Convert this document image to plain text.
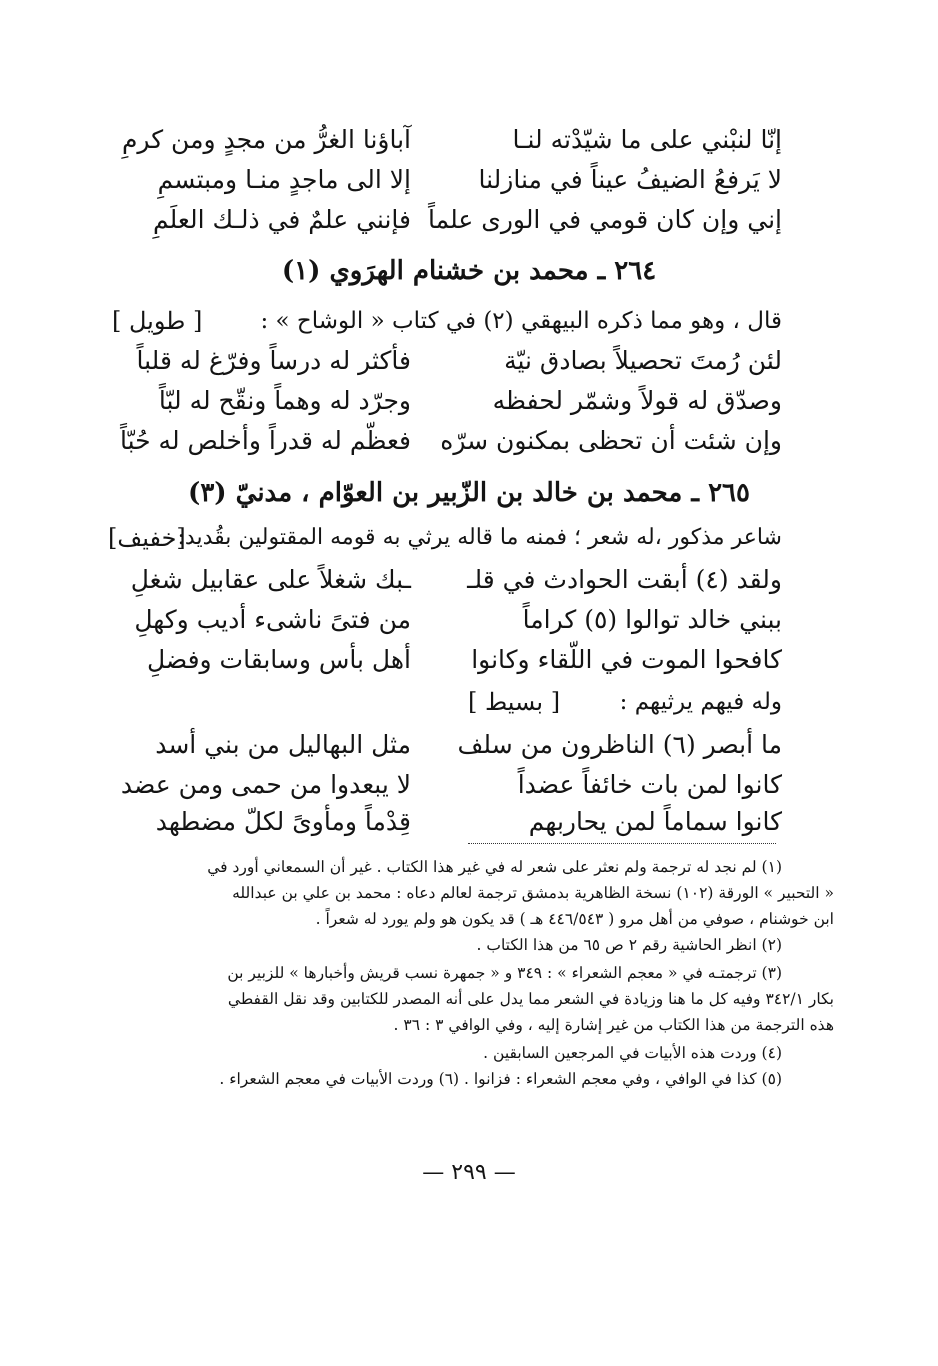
إنّا لنبْني على ما شيّدْته لنـا
آباؤنا الغرُّ من مجدٍ ومن كرمِ
لا يَرفعُ الضيفُ عيناً في منازلنا
إلا الى ماجدٍ منـا ومبتسمِ
إني وإن كان قومي في الورى علماً
فإنني علمٌ في ذلـك العلَمِ
٢٦٤ ـ محمد بن خشنام الهرَوي (١)
قال ، وهو مما ذكره البيهقي (٢) في كتاب « الوشاح » :
[ طويل ]
لئن رُمتَ تحصيلاً بصادق نيّة
فأكثر له درساً وفرّغ له قلباً
وصدّق له قولاً وشمّر لحفظه
وجرّد له وهماً ونقّح له لبّاً
وإن شئت أن تحظى بمكنون سرّه
فعظّم له قدراً وأخلص له حُبّاً
٢٦٥ ـ محمد بن خالد بن الزّبير بن العوّام ، مدنيّ (٣)
شاعر مذكور ،له شعر ؛ فمنه ما قاله يرثي به قومه المقتولين بقُديد:
[خفيف]
ولقد (٤) أبقت الحوادث في قلـ
ـبك شغلاً على عقابيل شغلِ
ببني خالد توالوا (٥) كراماً
من فتىً ناشىء أديب وكهلِ
كافحوا الموت في اللّقاء وكانوا
أهل بأس وسابقات وفضلِ
وله فيهم يرثيهم :
[ بسيط ]
ما أبصر (٦) الناظرون من سلف
مثل البهاليل من بني أسد
كانوا لمن بات خائفاً عضداً
لا يبعدوا من حمى ومن عضد
كانوا سماماً لمن يحاربهم
قِدْماً ومأوىً لكلّ مضطهد
(١) لم نجد له ترجمة ولم نعثر على شعر له في غير هذا الكتاب . غير أن السمعاني أورد في
« التحبير » الورقة (١٠٢) نسخة الظاهرية بدمشق ترجمة لعالم دعاه : محمد بن علي بن عبدالله
ابن خوشنام ، صوفي من أهل مرو ( ٤٤٦/٥٤٣ هـ ) قد يكون هو ولم يورد له شعراً .
(٢) انظر الحاشية رقم ٢ ص ٦٥ من هذا الكتاب .
(٣) ترجمتـه في « معجم الشعراء » : ٣٤٩ و « جمهرة نسب قريش وأخبارها » للزبير بن
بكار ٣٤٢/١ وفيه كل ما هنا وزيادة في الشعر مما يدل على أنه المصدر للكتابين وقد نقل القفطي
هذه الترجمة من هذا الكتاب من غير إشارة إليه ، وفي الوافي ٣ : ٣٦ .
(٤) وردت هذه الأبيات في المرجعين السابقين .
(٥) كذا في الوافي ، وفي معجم الشعراء : فزانوا . (٦) وردت الأبيات في معجم الشعراء .
— ٢٩٩ —
